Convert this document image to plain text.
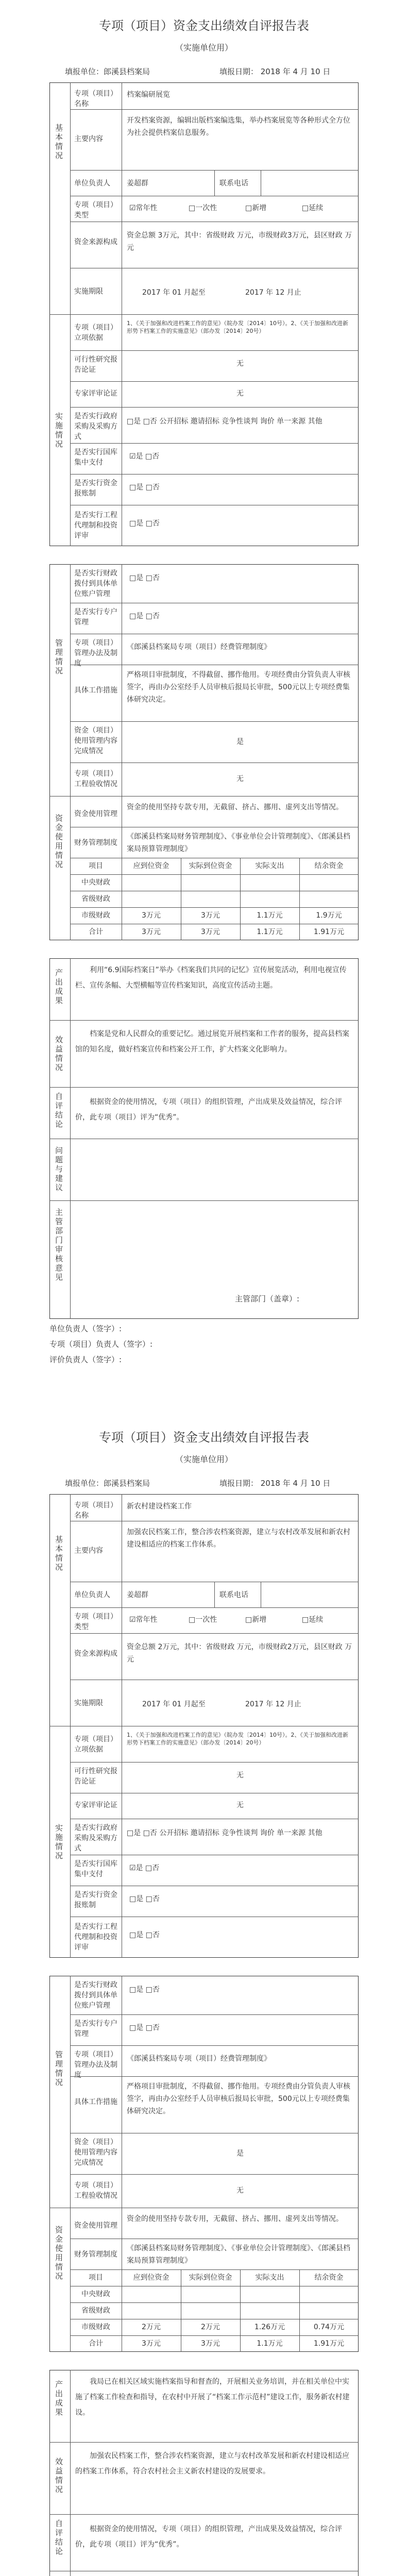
专项（项目）资金支出绩效自评报告表
（实施单位用）
填报单位：郎溪县档案局	填报日期： 2018 年 4 月 10 日
基本情况
实施情况
专项（项目）名称
档案编研展览
主要内容
开发档案资源，编辑出版档案编选集，举办档案展览等各种形式全方位为社会提供档案信息服务。
单位负责人	姜超群	联系电话
专项（项目）类型
☑常年性	□一次性	□新增	□延续
资金来源构成
资金总额 3万元，其中：省级财政 万元，市级财政3万元，县区财政 万元
实施期限	2017 年 01 月起至	2017 年 12 月止
专项（项目）立项依据
1、《关于加强和改进档案工作的意见》（皖办发〔2014〕10号）。2、《关于加强和改进新形势下档案工作的实施意见》（郎办发〔2014〕20号）
可行性研究报告论证
无
专家评审论证	无
是否实行政府采购及采购方式
□是 □否 公开招标 邀请招标 竞争性谈判 询价 单一来源 其他
是否实行国库集中支付
☑是 □否
是否实行资金报账制
□是 □否
是否实行工程代理制和投资评审
□是 □否
管理情况
资金使用情况
是否实行财政拨付到具体单位账户管理
□是 □否
是否实行专户管理
□是 □否
专项（项目）管理办法及制度
《郎溪县档案局专项（项目）经费管理制度》
具体工作措施
严格项目审批制度，不得截留、挪作他用。专项经费由分管负责人审核签字，再由办公室经手人员审核后报局长审批，500元以上专项经费集体研究决定。
资金（项目）使用管理内容完成情况
是
专项（项目）工程验收情况
无
资金使用管理
资金的使用坚持专款专用，无截留、挤占、挪用、虚列支出等情况。
财务管理制度
《郎溪县档案局财务管理制度》、《事业单位会计管理制度》、《郎溪县档案局预算管理制度》
项目	应到位资金	实际到位资金	实际支出	结余资金
中央财政
省级财政
市级财政	3万元	3万元	1.1万元	1.9万元
合计	3万元	3万元	1.1万元	1.91万元
产出成果	利用“6.9国际档案日”举办《档案我们共同的记忆》宣传展览活动，利用电视宣传栏、宣传条幅、大型横幅等宣传档案知识，高度宣传活动主题。
效益情况
档案是党和人民群众的重要记忆。通过展览开展档案和工作者的服务，提高县档案馆的知名度，做好档案宣传和档案公开工作，扩大档案文化影响力。
自评结论	根据资金的使用情况，专项（项目）的组织管理，产出成果及效益情况，综合评价，此专项（项目）评为“优秀”。
问题与建议
主管部门审核意见
主管部门（盖章）:
单位负责人（签字）:
专项（项目）负责人（签字）:
评价负责人（签字）:
专项（项目）资金支出绩效自评报告表
（实施单位用）
填报单位：郎溪县档案局	填报日期： 2018 年 4 月 10 日
基本情况
实施情况
专项（项目）名称
新农村建设档案工作
主要内容
加强农民档案工作，整合涉农档案资源，建立与农村改革发展和新农村建设相适应的档案工作体系。
单位负责人	姜超群	联系电话
专项（项目）类型
☑常年性	□一次性	□新增	□延续
资金来源构成
资金总额 2万元，其中：省级财政 万元，市级财政2万元，县区财政 万元
实施期限	2017 年 01 月起至	2017 年 12 月止
专项（项目）立项依据
1、《关于加强和改进档案工作的意见》（皖办发〔2014〕10号）。2、《关于加强和改进新形势下档案工作的实施意见》（郎办发〔2014〕20号）
可行性研究报告论证
无
专家评审论证	无
是否实行政府采购及采购方式
□是 □否 公开招标 邀请招标 竞争性谈判 询价 单一来源 其他
是否实行国库集中支付
☑是 □否
是否实行资金报账制
□是 □否
是否实行工程代理制和投资评审
□是 □否
管理情况
资金使用情况
是否实行财政拨付到具体单位账户管理
□是 □否
是否实行专户管理
□是 □否
专项（项目）管理办法及制度
《郎溪县档案局专项（项目）经费管理制度》
具体工作措施
严格项目审批制度，不得截留、挪作他用。专项经费由分管负责人审核签字，再由办公室经手人员审核后报局长审批，500元以上专项经费集体研究决定。
资金（项目）使用管理内容完成情况
是
专项（项目）工程验收情况
无
资金使用管理
资金的使用坚持专款专用，无截留、挤占、挪用、虚列支出等情况。
财务管理制度
《郎溪县档案局财务管理制度》、《事业单位会计管理制度》、《郎溪县档案局预算管理制度》
项目	应到位资金	实际到位资金	实际支出	结余资金
中央财政
省级财政
市级财政	2万元	2万元	1.26万元	0.74万元
合计	3万元	3万元	1.1万元	1.91万元
产出成果	我局已在相关区域实施档案指导和督查的，开展相关业务培训，并在相关单位中实施了档案工作检查和指导，在农村中开展了“档案工作示范村”建设工作，服务新农村建设。
效益情况
加强农民档案工作，整合涉农档案资源，建立与农村改革发展和新农村建设相适应的档案工作体系，符合农村社会主义新农村建设的发展要求。
自评结论	根据资金的使用情况，专项（项目）的组织管理，产出成果及效益情况，综合评价，此专项（项目）评为“优秀”。
